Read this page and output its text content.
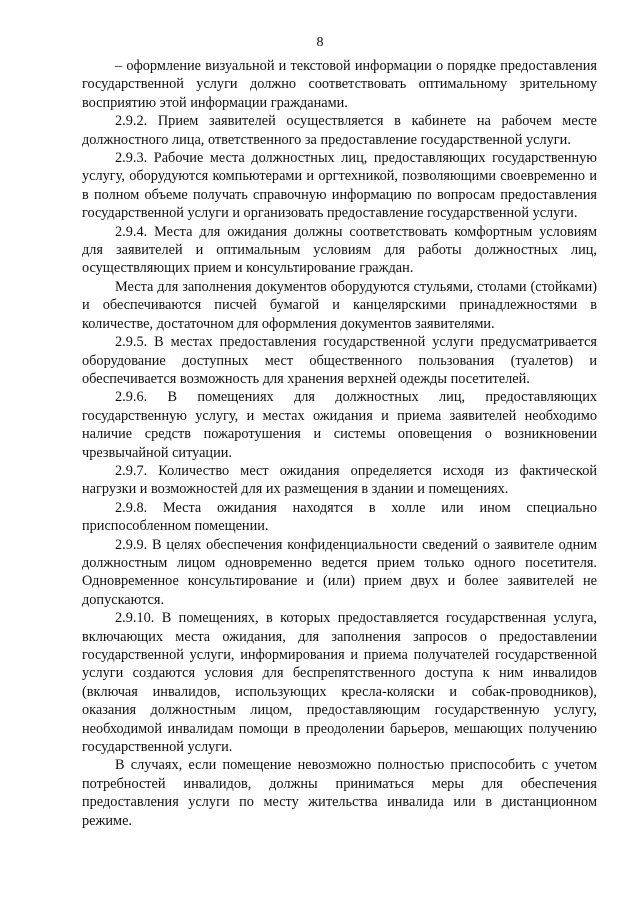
8

– оформление визуальной и текстовой информации о порядке предоставления государственной услуги должно соответствовать оптимальному зрительному восприятию этой информации гражданами.

2.9.2. Прием заявителей осуществляется в кабинете на рабочем месте должностного лица, ответственного за предоставление государственной услуги.

2.9.3. Рабочие места должностных лиц, предоставляющих государственную услугу, оборудуются компьютерами и оргтехникой, позволяющими своевременно и в полном объеме получать справочную информацию по вопросам предоставления государственной услуги и организовать предоставление государственной услуги.

2.9.4. Места для ожидания должны соответствовать комфортным условиям для заявителей и оптимальным условиям для работы должностных лиц, осуществляющих прием и консультирование граждан.

Места для заполнения документов оборудуются стульями, столами (стойками) и обеспечиваются писчей бумагой и канцелярскими принадлежностями в количестве, достаточном для оформления документов заявителями.

2.9.5. В местах предоставления государственной услуги предусматривается оборудование доступных мест общественного пользования (туалетов) и обеспечивается возможность для хранения верхней одежды посетителей.

2.9.6. В помещениях для должностных лиц, предоставляющих государственную услугу, и местах ожидания и приема заявителей необходимо наличие средств пожаротушения и системы оповещения о возникновении чрезвычайной ситуации.

2.9.7. Количество мест ожидания определяется исходя из фактической нагрузки и возможностей для их размещения в здании и помещениях.

2.9.8. Места ожидания находятся в холле или ином специально приспособленном помещении.

2.9.9. В целях обеспечения конфиденциальности сведений о заявителе одним должностным лицом одновременно ведется прием только одного посетителя. Одновременное консультирование и (или) прием двух и более заявителей не допускаются.

2.9.10. В помещениях, в которых предоставляется государственная услуга, включающих места ожидания, для заполнения запросов о предоставлении государственной услуги, информирования и приема получателей государственной услуги создаются условия для беспрепятственного доступа к ним инвалидов (включая инвалидов, использующих кресла-коляски и собак-проводников), оказания должностным лицом, предоставляющим государственную услугу, необходимой инвалидам помощи в преодолении барьеров, мешающих получению государственной услуги.

В случаях, если помещение невозможно полностью приспособить с учетом потребностей инвалидов, должны приниматься меры для обеспечения предоставления услуги по месту жительства инвалида или в дистанционном режиме.
